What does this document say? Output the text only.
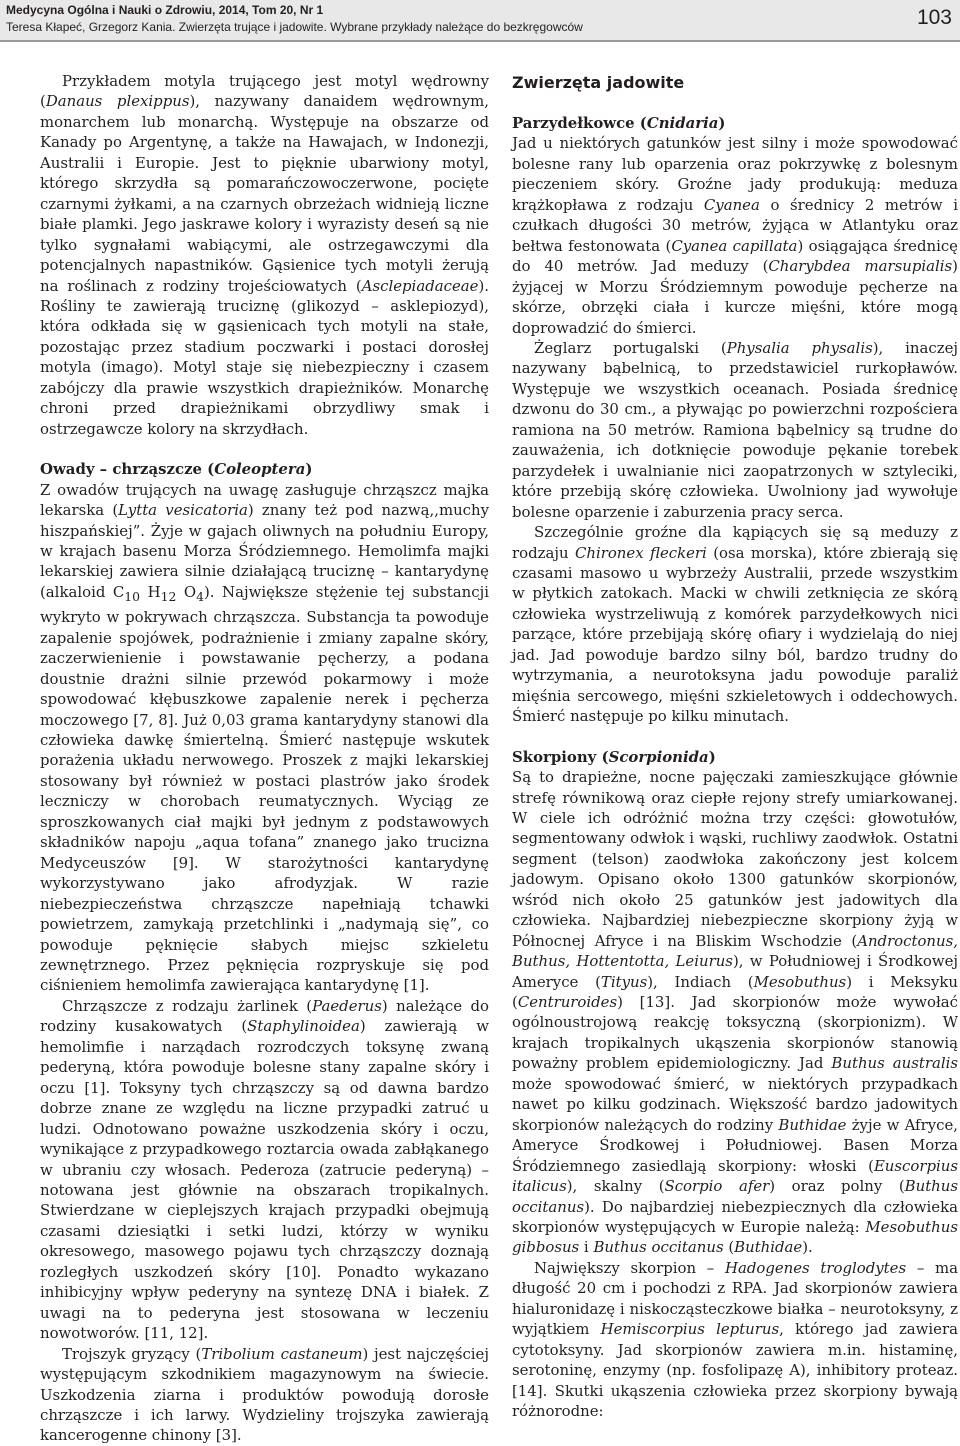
Medycyna Ogólna i Nauki o Zdrowiu, 2014, Tom 20, Nr 1
Teresa Kłapeć, Grzegorz Kania. Zwierzęta trujące i jadowite. Wybrane przykłady należące do bezkręgowców	103

Przykładem motyla trującego jest motyl wędrowny (Danaus plexippus), nazywany danaidem wędrownym, monarchem lub monarchą. Występuje na obszarze od Kanady po Argentynę, a także na Hawajach, w Indonezji, Australii i Europie. Jest to pięknie ubarwiony motyl, którego skrzydła są pomarańczowoczerwone, pocięte czarnymi żyłkami, a na czarnych obrzeżach widnieją liczne białe plamki. Jego jaskrawe kolory i wyrazisty deseń są nie tylko sygnałami wabiącymi, ale ostrzegawczymi dla potencjalnych napastników. Gąsienice tych motyli żerują na roślinach z rodziny trojeściowatych (Asclepiadaceae). Rośliny te zawierają truciznę (glikozyd – asklepiozyd), która odkłada się w gąsienicach tych motyli na stałe, pozostając przez stadium poczwarki i postaci dorosłej motyla (imago). Motyl staje się niebezpieczny i czasem zabójczy dla prawie wszystkich drapieżników. Monarchę chroni przed drapieżnikami obrzydliwy smak i ostrzegawcze kolory na skrzydłach.

Owady – chrząszcze (Coleoptera)

Z owadów trujących na uwagę zasługuje chrząszcz majka lekarska (Lytta vesicatoria) znany też pod nazwą,,muchy hiszpańskiej”. Żyje w gajach oliwnych na południu Europy, w krajach basenu Morza Śródziemnego. Hemolimfa majki lekarskiej zawiera silnie działającą truciznę – kantarydynę (alkaloid $C_{10}$ $H_{12}$ $O_4$). Największe stężenie tej substancji wykryto w pokrywach chrząszcza. Substancja ta powoduje zapalenie spojówek, podrażnienie i zmiany zapalne skóry, zaczerwienienie i powstawanie pęcherzy, a podana doustnie drażni silnie przewód pokarmowy i może spowodować kłębuszkowe zapalenie nerek i pęcherza moczowego [7, 8]. Już 0,03 grama kantarydyny stanowi dla człowieka dawkę śmiertelną. Śmierć następuje wskutek porażenia układu nerwowego. Proszek z majki lekarskiej stosowany był również w postaci plastrów jako środek leczniczy w chorobach reumatycznych. Wyciąg ze sproszkowanych ciał majki był jednym z podstawowych składników napoju „aqua tofana” znanego jako trucizna Medyceuszów [9]. W starożytności kantarydynę wykorzystywano jako afrodyzjak. W razie niebezpieczeństwa chrząszcze napełniają tchawki powietrzem, zamykają przetchlinki i „nadymają się”, co powoduje pęknięcie słabych miejsc szkieletu zewnętrznego. Przez pęknięcia rozpryskuje się pod ciśnieniem hemolimfa zawierająca kantarydynę [1].

Chrząszcze z rodzaju żarlinek (Paederus) należące do rodziny kusakowatych (Staphylinoidea) zawierają w hemolimfie i narządach rozrodczych toksynę zwaną pederyną, która powoduje bolesne stany zapalne skóry i oczu [1]. Toksyny tych chrząszczy są od dawna bardzo dobrze znane ze względu na liczne przypadki zatruć u ludzi. Odnotowano poważne uszkodzenia skóry i oczu, wynikające z przypadkowego roztarcia owada zabłąkanego w ubraniu czy włosach. Pederoza (zatrucie pederyną) – notowana jest głównie na obszarach tropikalnych. Stwierdzane w cieplejszych krajach przypadki obejmują czasami dziesiątki i setki ludzi, którzy w wyniku okresowego, masowego pojawu tych chrząszczy doznają rozległych uszkodzeń skóry [10]. Ponadto wykazano inhibicyjny wpływ pederyny na syntezę DNA i białek. Z uwagi na to pederyna jest stosowana w leczeniu nowotworów. [11, 12].

Trojszyk gryzący (Tribolium castaneum) jest najczęściej występującym szkodnikiem magazynowym na świecie. Uszkodzenia ziarna i produktów powodują dorosłe chrząszcze i ich larwy. Wydzieliny trojszyka zawierają kancerogenne chinony [3].

Zwierzęta jadowite
Parzydełkowce (Cnidaria)

Jad u niektórych gatunków jest silny i może spowodować bolesne rany lub oparzenia oraz pokrzywkę z bolesnym pieczeniem skóry. Groźne jady produkują: meduza krążkopława z rodzaju Cyanea o średnicy 2 metrów i czułkach długości 30 metrów, żyjąca w Atlantyku oraz bełtwa festonowata (Cyanea capillata) osiągająca średnicę do 40 metrów. Jad meduzy (Charybdea marsupialis) żyjącej w Morzu Śródziemnym powoduje pęcherze na skórze, obrzęki ciała i kurcze mięśni, które mogą doprowadzić do śmierci.

Żeglarz portugalski (Physalia physalis), inaczej nazywany bąbelnicą, to przedstawiciel rurkopławów. Występuje we wszystkich oceanach. Posiada średnicę dzwonu do 30 cm., a pływając po powierzchni rozpościera ramiona na 50 metrów. Ramiona bąbelnicy są trudne do zauważenia, ich dotknięcie powoduje pękanie torebek parzydełek i uwalnianie nici zaopatrzonych w sztyleciki, które przebiją skórę człowieka. Uwolniony jad wywołuje bolesne oparzenie i zaburzenia pracy serca.

Szczególnie groźne dla kąpiących się są meduzy z rodzaju Chironex fleckeri (osa morska), które zbierają się czasami masowo u wybrzeży Australii, przede wszystkim w płytkich zatokach. Macki w chwili zetknięcia ze skórą człowieka wystrzeliwują z komórek parzydełkowych nici parzące, które przebijają skórę ofiary i wydzielają do niej jad. Jad powoduje bardzo silny ból, bardzo trudny do wytrzymania, a neurotoksyna jadu powoduje paraliż mięśnia sercowego, mięśni szkieletowych i oddechowych. Śmierć następuje po kilku minutach.

Skorpiony (Scorpionida)

Są to drapieżne, nocne pajęczaki zamieszkujące głównie strefę równikową oraz ciepłe rejony strefy umiarkowanej. W ciele ich odróżnić można trzy części: głowotułów, segmentowany odwłok i wąski, ruchliwy zaodwłok. Ostatni segment (telson) zaodwłoka zakończony jest kolcem jadowym. Opisano około 1300 gatunków skorpionów, wśród nich około 25 gatunków jest jadowitych dla człowieka. Najbardziej niebezpieczne skorpiony żyją w Północnej Afryce i na Bliskim Wschodzie (Androctonus, Buthus, Hottentotta, Leiurus), w Południowej i Środkowej Ameryce (Tityus), Indiach (Mesobuthus) i Meksyku (Centruroides) [13]. Jad skorpionów może wywołać ogólnoustrojową reakcję toksyczną (skorpionizm). W krajach tropikalnych ukąszenia skorpionów stanowią poważny problem epidemiologiczny. Jad Buthus australis może spowodować śmierć, w niektórych przypadkach nawet po kilku godzinach. Większość bardzo jadowitych skorpionów należących do rodziny Buthidae żyje w Afryce, Ameryce Środkowej i Południowej. Basen Morza Śródziemnego zasiedlają skorpiony: włoski (Euscorpius italicus), skalny (Scorpio afer) oraz polny (Buthus occitanus). Do najbardziej niebezpiecznych dla człowieka skorpionów występujących w Europie należą: Mesobuthus gibbosus i Buthus occitanus (Buthidae).

Największy skorpion – Hadogenes troglodytes – ma długość 20 cm i pochodzi z RPA. Jad skorpionów zawiera hialuronidazę i niskocząsteczkowe białka – neurotoksyny, z wyjątkiem Hemiscorpius lepturus, którego jad zawiera cytotoksyny. Jad skorpionów zawiera m.in. histaminę, serotoninę, enzymy (np. fosfolipazę A), inhibitory proteaz. [14]. Skutki ukąszenia człowieka przez skorpiony bywają różnorodne:
